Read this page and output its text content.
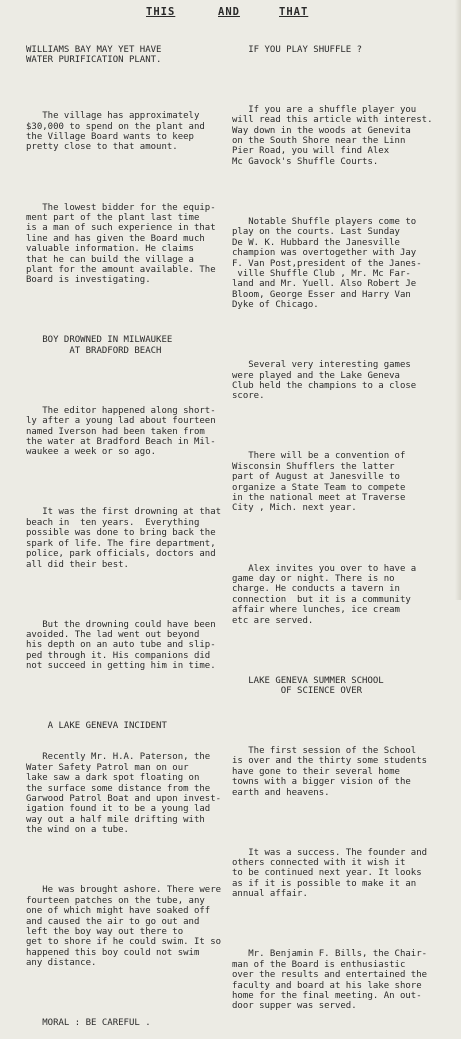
THIS	AND	THAT

WILLIAMS BAY MAY YET HAVE
WATER PURIFICATION PLANT.

The village has approximately
$30,000 to spend on the plant and
the Village Board wants to keep
pretty close to that amount.

The lowest bidder for the equip-
ment part of the plant last time
is a man of such experience in that
line and has given the Board much
valuable information. He claims
that he can build the village a
plant for the amount available. The
Board is investigating.

BOY DROWNED IN MILWAUKEE
AT BRADFORD BEACH

The editor happened along short-
ly after a young lad about fourteen
named Iverson had been taken from
the water at Bradford Beach in Mil-
waukee a week or so ago.

It was the first drowning at that
beach in  ten years.  Everything
possible was done to bring back the
spark of life. The fire department,
police, park officials, doctors and
all did their best.

But the drowning could have been
avoided. The lad went out beyond
his depth on an auto tube and slip-
ped through it. His companions did
not succeed in getting him in time.

A LAKE GENEVA INCIDENT

Recently Mr. H.A. Paterson, the
Water Safety Patrol man on our
lake saw a dark spot floating on
the surface some distance from the
Garwood Patrol Boat and upon invest-
igation found it to be a young lad
way out a half mile drifting with
the wind on a tube.

He was brought ashore. There were
fourteen patches on the tube, any
one of which might have soaked off
and caused the air to go out and
left the boy way out there to
get to shore if he could swim. It so
happened this boy could not swim
any distance.

MORAL : BE CAREFUL .

IF YOU PLAY SHUFFLE ?

If you are a shuffle player you
will read this article with interest.
Way down in the woods at Genevita
on the South Shore near the Linn
Pier Road, you will find Alex
Mc Gavock's Shuffle Courts.

Notable Shuffle players come to
play on the courts. Last Sunday
De W. K. Hubbard the Janesville
champion was overtogether with Jay
F. Van Post,president of the Janes-
ville Shuffle Club , Mr. Mc Far-
land and Mr. Yuell. Also Robert Je
Bloom, George Esser and Harry Van
Dyke of Chicago.

Several very interesting games
were played and the Lake Geneva
Club held the champions to a close
score.

There will be a convention of
Wisconsin Shufflers the latter
part of August at Janesville to
organize a State Team to compete
in the national meet at Traverse
City , Mich. next year.

Alex invites you over to have a
game day or night. There is no
charge. He conducts a tavern in
connection  but it is a community
affair where lunches, ice cream
etc are served.

LAKE GENEVA SUMMER SCHOOL
OF SCIENCE OVER

The first session of the School
is over and the thirty some students
have gone to their several home
towns with a bigger vision of the
earth and heavens.

It was a success. The founder and
others connected with it wish it
to be continued next year. It looks
as if it is possible to make it an
annual affair.

Mr. Benjamin F. Bills, the Chair-
man of the Board is enthusiastic
over the results and entertained the
faculty and board at his lake shore
home for the final meeting. An out-
door supper was served.
